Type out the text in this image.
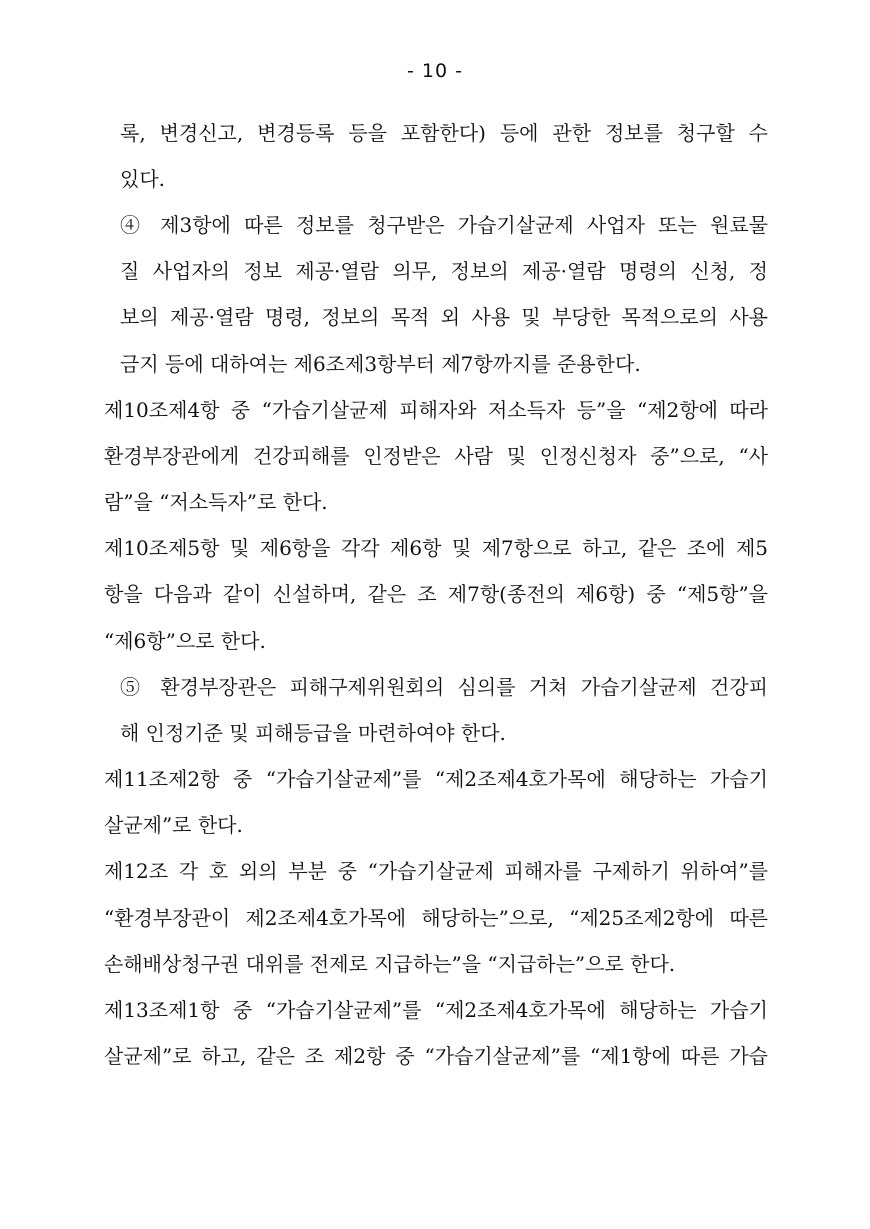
- 10 -
록, 변경신고, 변경등록 등을 포함한다) 등에 관한 정보를 청구할 수
있다.
④ 제3항에 따른 정보를 청구받은 가습기살균제 사업자 또는 원료물
질 사업자의 정보 제공·열람 의무, 정보의 제공·열람 명령의 신청, 정
보의 제공·열람 명령, 정보의 목적 외 사용 및 부당한 목적으로의 사용
금지 등에 대하여는 제6조제3항부터 제7항까지를 준용한다.
제10조제4항 중 “가습기살균제 피해자와 저소득자 등”을 “제2항에 따라
환경부장관에게 건강피해를 인정받은 사람 및 인정신청자 중”으로, “사
람”을 “저소득자”로 한다.
제10조제5항 및 제6항을 각각 제6항 및 제7항으로 하고, 같은 조에 제5
항을 다음과 같이 신설하며, 같은 조 제7항(종전의 제6항) 중 “제5항”을
“제6항”으로 한다.
⑤ 환경부장관은 피해구제위원회의 심의를 거쳐 가습기살균제 건강피
해 인정기준 및 피해등급을 마련하여야 한다.
제11조제2항 중 “가습기살균제”를 “제2조제4호가목에 해당하는 가습기
살균제”로 한다.
제12조 각 호 외의 부분 중 “가습기살균제 피해자를 구제하기 위하여”를
“환경부장관이 제2조제4호가목에 해당하는”으로, “제25조제2항에 따른
손해배상청구권 대위를 전제로 지급하는”을 “지급하는”으로 한다.
제13조제1항 중 “가습기살균제”를 “제2조제4호가목에 해당하는 가습기
살균제”로 하고, 같은 조 제2항 중 “가습기살균제”를 “제1항에 따른 가습
